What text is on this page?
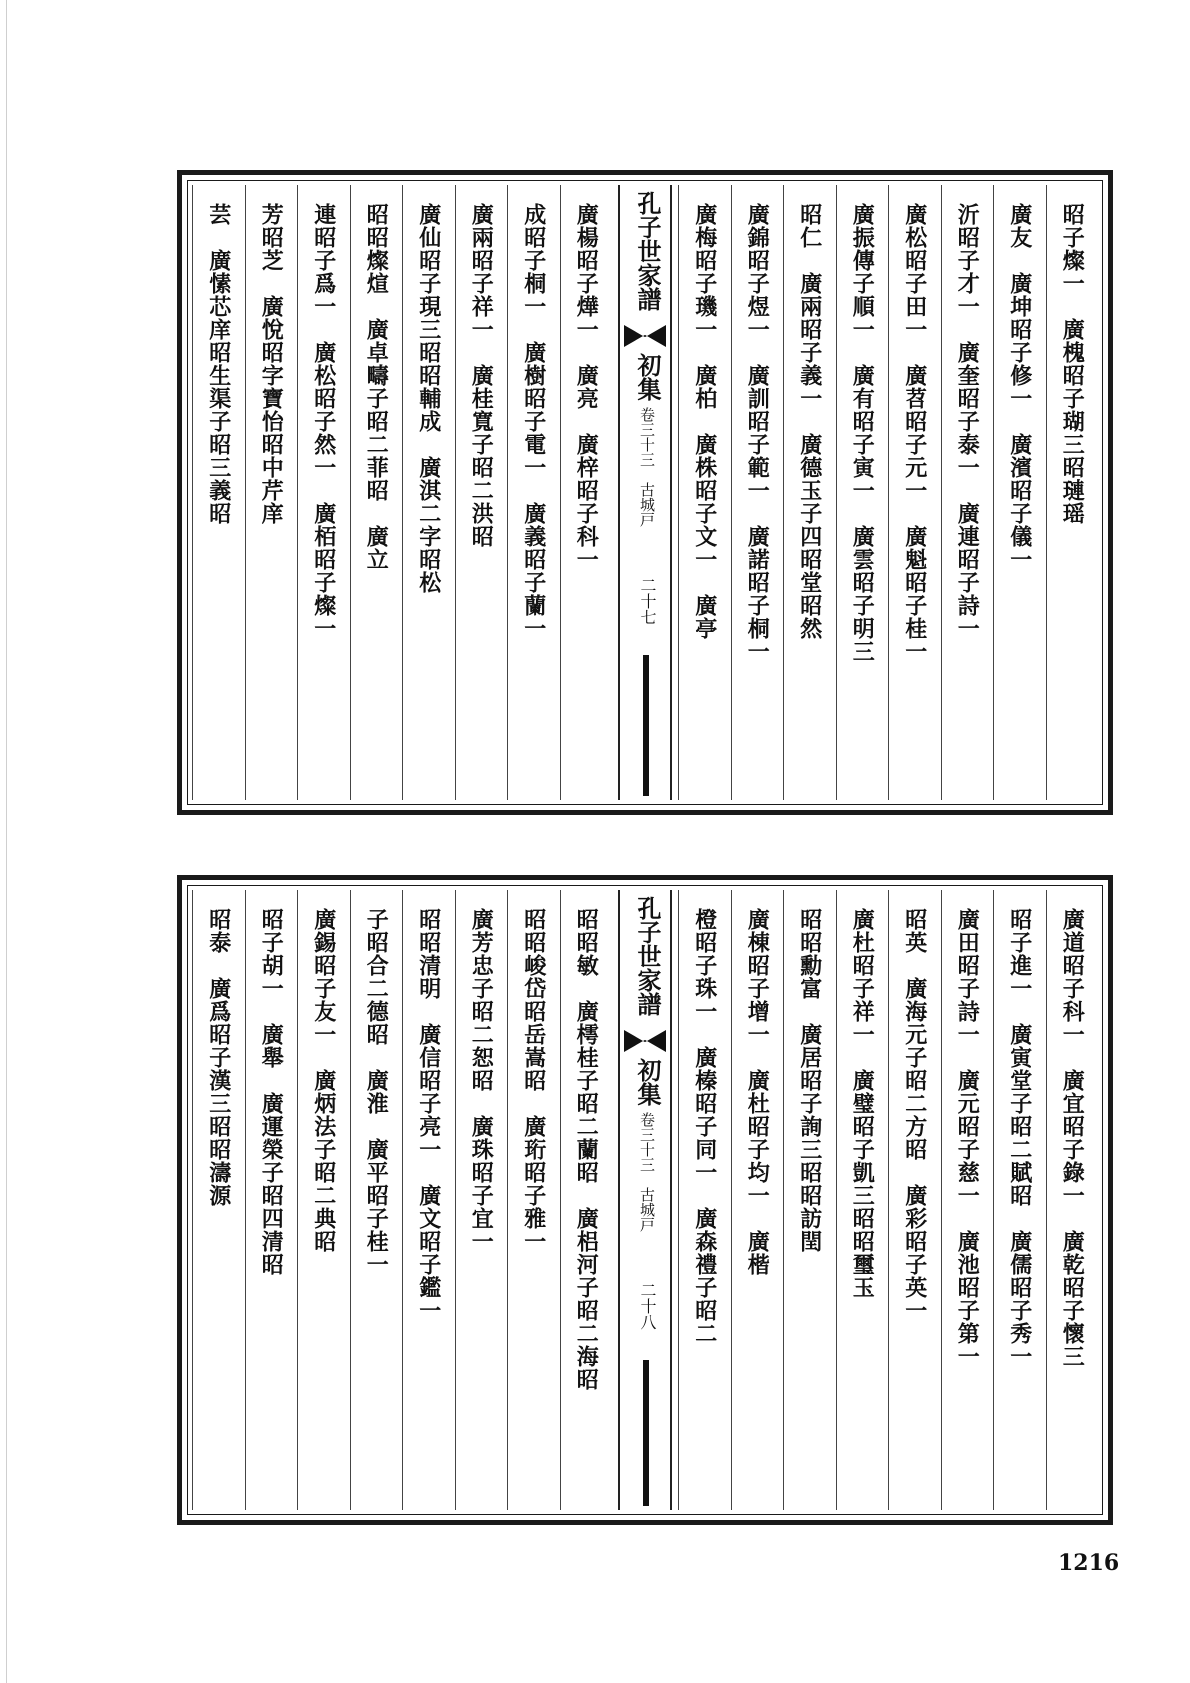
昭子燦一　廣槐昭子瑚三昭璉瑶
廣友　廣坤昭子修一　廣濱昭子儀一
沂昭子才一　廣奎昭子泰一　廣連昭子詩一
廣松昭子田一　廣苕昭子元一　廣魁昭子桂一
廣振傳子順一　廣有昭子寅一　廣雲昭子明三
昭仁　廣兩昭子義一　廣德玉子四昭堂昭然
廣錦昭子煜一　廣訓昭子範一　廣諾昭子桐一
廣梅昭子璣一　廣柏　廣株昭子文一　廣亭
孔子世家譜
初集
卷三十三　古城戸
二十七
廣楊昭子燁一　廣亮　廣梓昭子科一
成昭子桐一　廣樹昭子電一　廣義昭子蘭一
廣兩昭子祥一　廣桂寬子昭二洪昭
廣仙昭子現三昭昭輔成　廣淇二字昭松
昭昭燦煊　廣卓疇子昭二菲昭　廣立
連昭子爲一　廣松昭子然一　廣栢昭子燦一
芳昭芝　廣悅昭字寶怡昭中芹庠
芸　廣愫芯庠昭生渠子昭三義昭
廣道昭子科一　廣宜昭子錄一　廣乾昭子懷三
昭子進一　廣寅堂子昭二賦昭　廣儒昭子秀一
廣田昭子詩一　廣元昭子慈一　廣池昭子第一
昭英　廣海元子昭二方昭　廣彩昭子英一
廣杜昭子祥一　廣璧昭子凱三昭昭璽玉
昭昭勳富　廣居昭子詢三昭昭訪閏
廣棟昭子增一　廣杜昭子均一　廣楷
橙昭子珠一　廣榛昭子同一　廣森禮子昭二
孔子世家譜
初集
卷三十三　古城戸
二十八
昭昭敏　廣樗桂子昭二蘭昭　廣梠河子昭二海昭
昭昭峻岱昭岳嵩昭　廣珩昭子雅一
廣芳忠子昭二恕昭　廣珠昭子宜一
昭昭清明　廣信昭子亮一　廣文昭子鑑一
子昭合二德昭　廣淮　廣平昭子桂一
廣錫昭子友一　廣炳法子昭二典昭
昭子胡一　廣舉　廣運榮子昭四清昭
昭泰　廣爲昭子漢三昭昭濤源
1216
